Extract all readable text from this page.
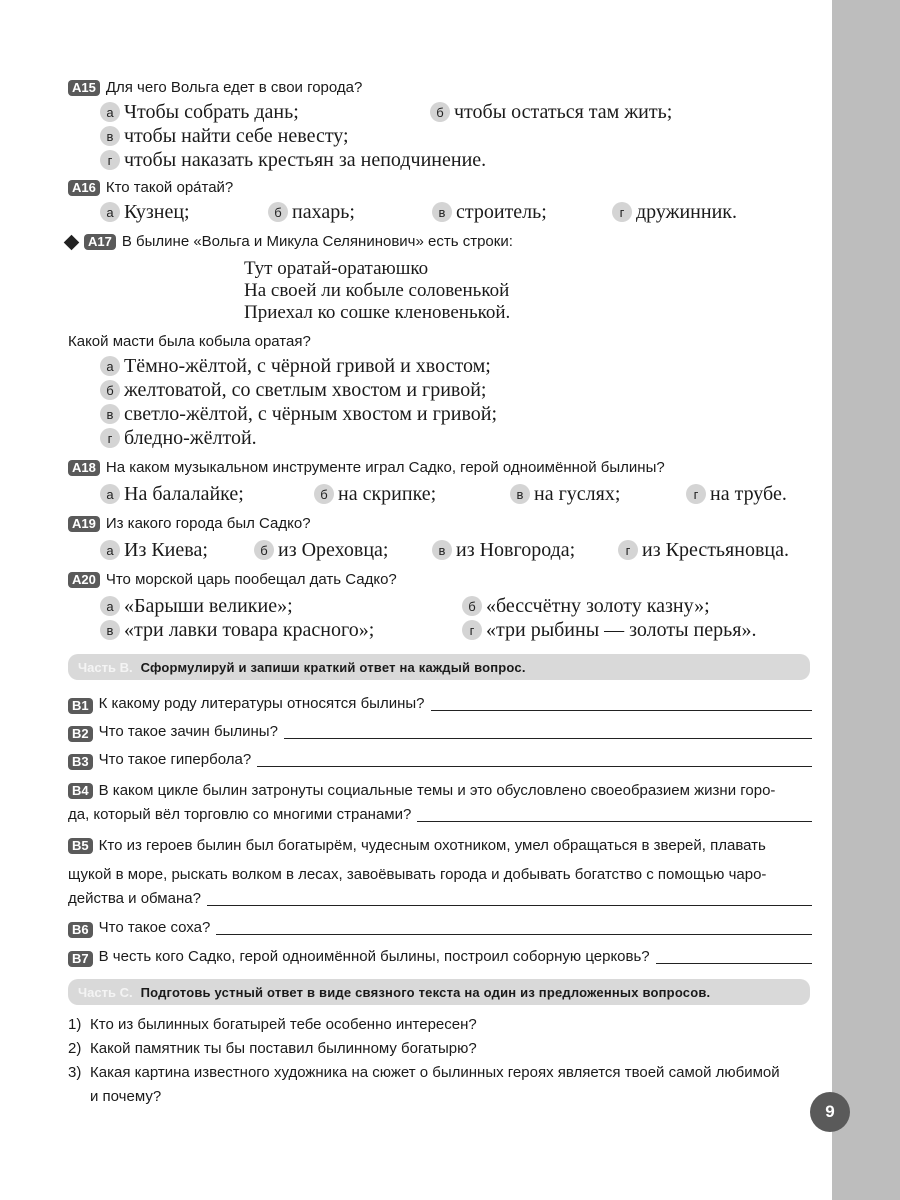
A15 Для чего Вольга едет в свои города?
а Чтобы собрать дань;	б чтобы остаться там жить;
в чтобы найти себе невесту;
г чтобы наказать крестьян за неподчинение.
A16 Кто такой ора́тай?
а Кузнец;	б пахарь;	в строитель;	г дружинник.
A17 В былине «Вольга и Микула Селянинович» есть строки:
Тут оратай-оратаюшко
На своей ли кобыле соловенькой
Приехал ко сошке кленовенькой.
Какой масти была кобыла оратая?
а Тёмно-жёлтой, с чёрной гривой и хвостом;
б желтоватой, со светлым хвостом и гривой;
в светло-жёлтой, с чёрным хвостом и гривой;
г бледно-жёлтой.
A18 На каком музыкальном инструменте играл Садко, герой одноимённой былины?
а На балалайке;	б на скрипке;	в на гуслях;	г на трубе.
A19 Из какого города был Садко?
а Из Киева;	б из Ореховца;	в из Новгорода;	г из Крестьяновца.
A20 Что морской царь пообещал дать Садко?
а «Барыши великие»;	б «бессчётну золоту казну»;
в «три лавки товара красного»;	г «три рыбины — золоты перья».
Часть B. Сформулируй и запиши краткий ответ на каждый вопрос.
B1 К какому роду литературы относятся былины?
B2 Что такое зачин былины?
B3 Что такое гипербола?
B4 В каком цикле былин затронуты социальные темы и это обусловлено своеобразием жизни горо-
да, который вёл торговлю со многими странами?
B5 Кто из героев былин был богатырём, чудесным охотником, умел обращаться в зверей, плавать
щукой в море, рыскать волком в лесах, завоёвывать города и добывать богатство с помощью чаро-
действа и обмана?
B6 Что такое соха?
B7 В честь кого Садко, герой одноимённой былины, построил соборную церковь?
Часть C. Подготовь устный ответ в виде связного текста на один из предложенных вопросов.
1) Кто из былинных богатырей тебе особенно интересен?
2) Какой памятник ты бы поставил былинному богатырю?
3) Какая картина известного художника на сюжет о былинных героях является твоей самой любимой
и почему?
9
